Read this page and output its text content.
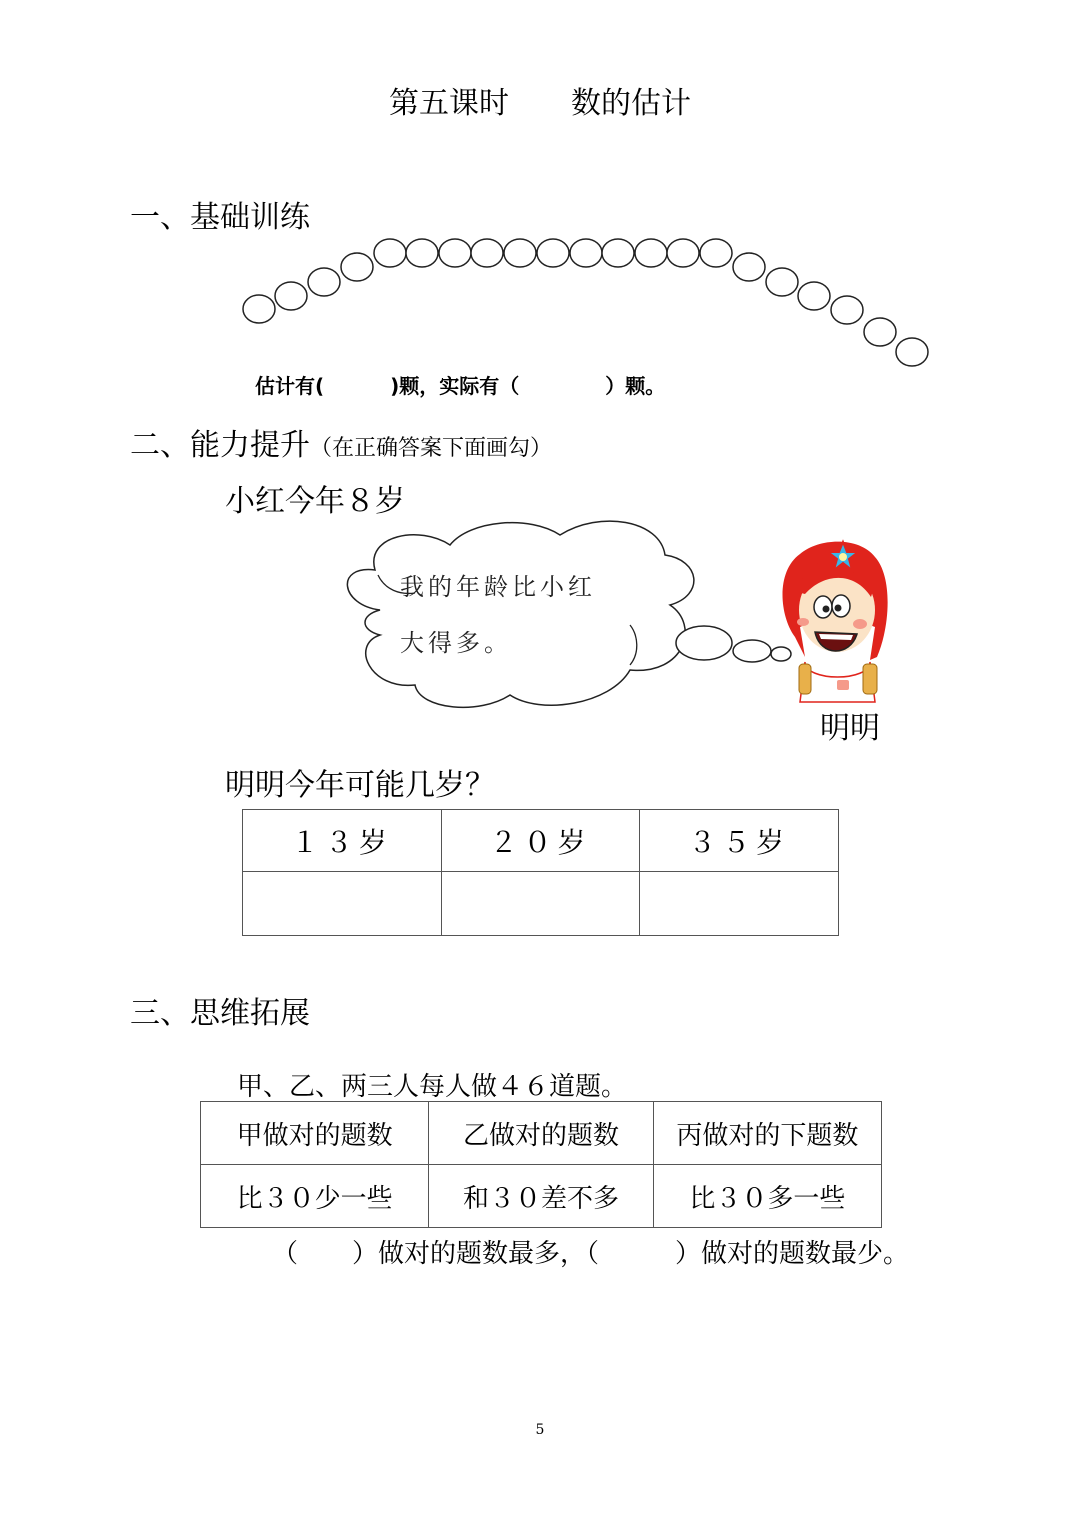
第五课时 数的估计
一、基础训练
估计有(	)颗，实际有（	）颗。
二、能力提升（在正确答案下面画勾）
小红今年８岁
我的年龄比小红
大得多。
明明
明明今年可能几岁？
１３岁	２０岁	３５岁

三、思维拓展
甲、乙、两三人每人做４６道题。
甲做对的题数	乙做对的题数	丙做对的下题数
比３０少一些	和３０差不多	比３０多一些
（ ）做对的题数最多，（	）做对的题数最少。
5
